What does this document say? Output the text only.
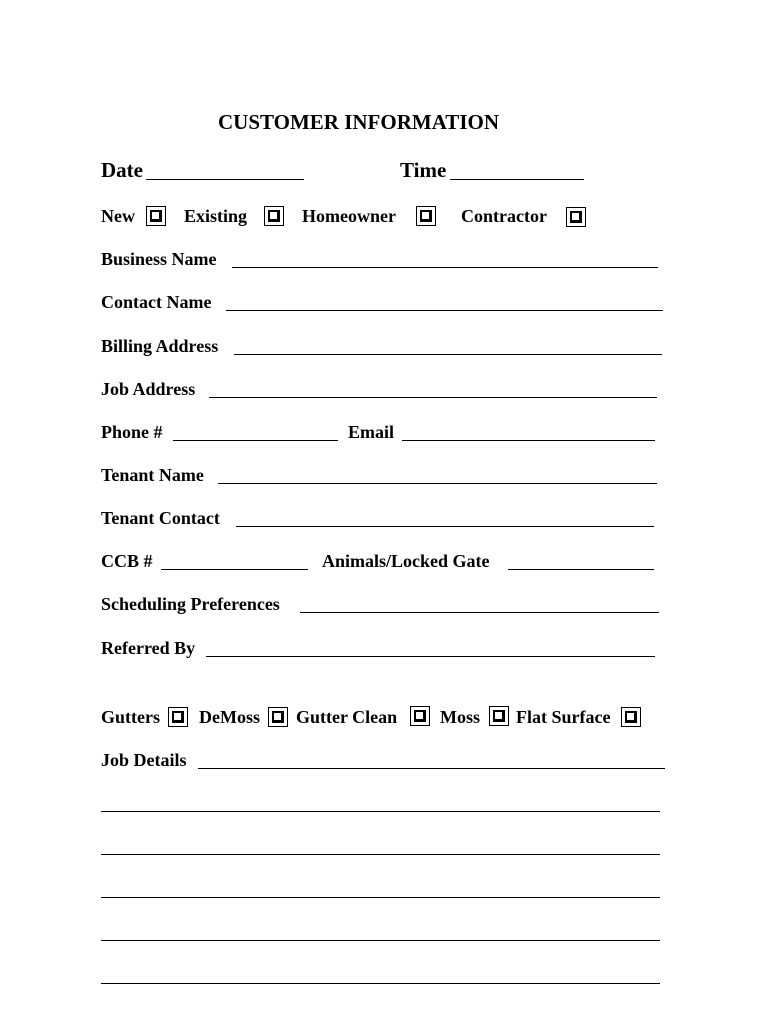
CUSTOMER INFORMATION
Date	Time
New	Existing	Homeowner	Contractor
Business Name
Contact Name
Billing Address
Job Address
Phone #	Email
Tenant Name
Tenant Contact
CCB #	Animals/Locked Gate
Scheduling Preferences
Referred By
Gutters DeMoss Gutter Clean Moss Flat Surface
Job Details
